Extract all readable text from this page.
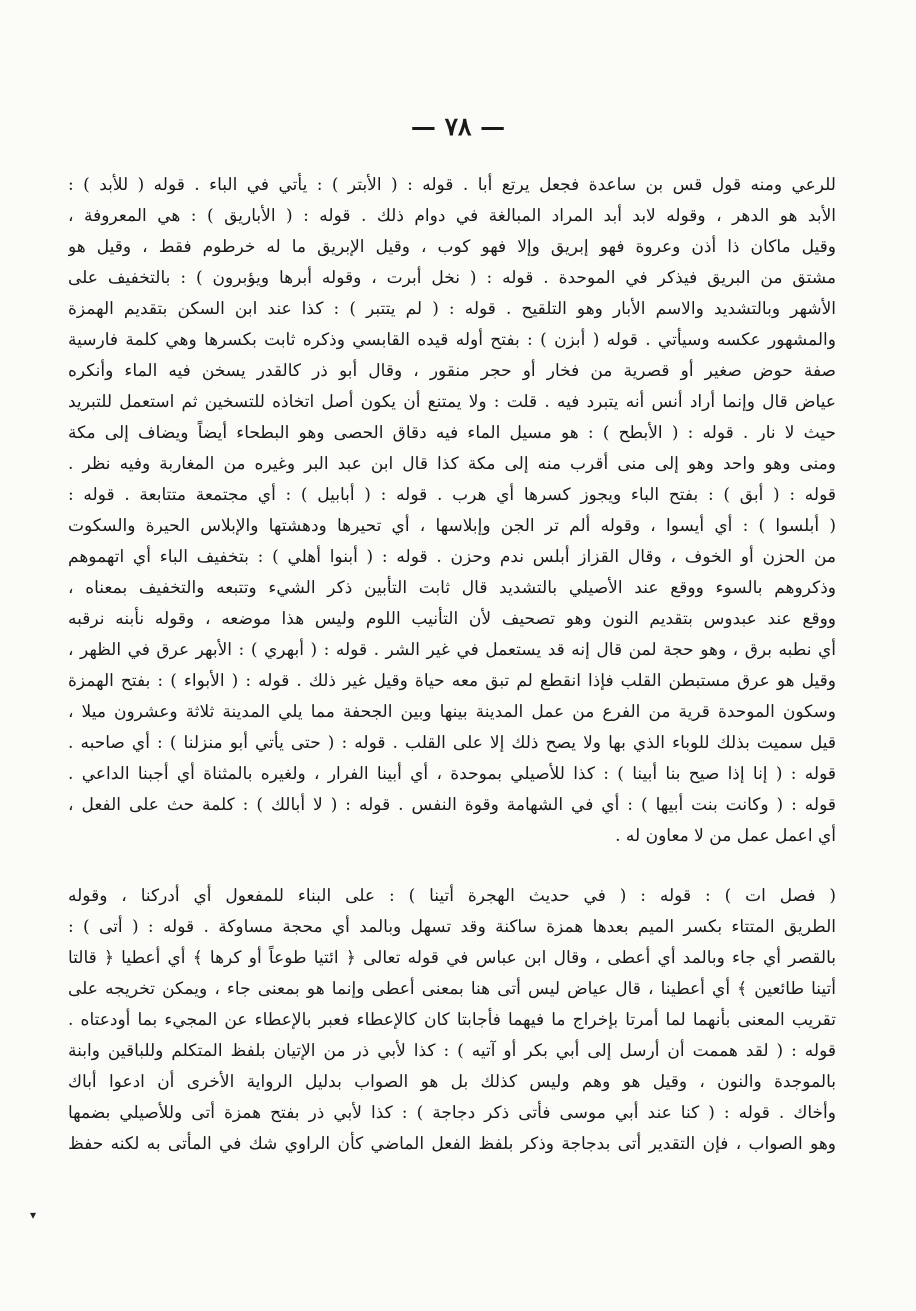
— ٧٨ —
للرعي ومنه قول قس بن ساعدة فجعل يرتع أبا . قوله : ( الأبتر ) : يأتي في الباء . قوله ( للأبد ) :
الأبد هو الدهر ، وقوله لابد أبد المراد المبالغة في دوام ذلك . قوله : ( الأباريق ) : هي المعروفة ،
وقيل ماكان ذا أذن وعروة فهو إبريق وإلا فهو كوب ، وقيل الإبريق ما له خرطوم فقط ، وقيل هو
مشتق من البريق فيذكر في الموحدة . قوله : ( نخل أبرت ، وقوله أبرها ويؤبرون ) : بالتخفيف على
الأشهر وبالتشديد والاسم الأبار وهو التلقيح . قوله : ( لم يتتبر ) : كذا عند ابن السكن بتقديم الهمزة
والمشهور عكسه وسيأتي . قوله ( أبزن ) : بفتح أوله قيده القابسي وذكره ثابت بكسرها وهي كلمة فارسية
صفة حوض صغير أو قصرية من فخار أو حجر منقور ، وقال أبو ذر كالقدر يسخن فيه الماء وأنكره
عياض قال وإنما أراد أنس أنه يتبرد فيه . قلت : ولا يمتنع أن يكون أصل اتخاذه للتسخين ثم استعمل للتبريد
حيث لا نار . قوله : ( الأبطح ) : هو مسيل الماء فيه دقاق الحصى وهو البطحاء أيضاً ويضاف إلى مكة
ومنى وهو واحد وهو إلى منى أقرب منه إلى مكة كذا قال ابن عبد البر وغيره من المغاربة وفيه نظر .
قوله : ( أبق ) : بفتح الباء ويجوز كسرها أي هرب . قوله : ( أبابيل ) : أي مجتمعة متتابعة . قوله :
( أبلسوا ) : أي أيسوا ، وقوله ألم تر الجن وإبلاسها ، أي تحيرها ودهشتها والإبلاس الحيرة والسكوت
من الحزن أو الخوف ، وقال القزاز أبلس ندم وحزن . قوله : ( أبنوا أهلي ) : بتخفيف الباء أي اتهموهم
وذكروهم بالسوء ووقع عند الأصيلي بالتشديد قال ثابت التأبين ذكر الشيء وتتبعه والتخفيف بمعناه ،
ووقع عند عبدوس بتقديم النون وهو تصحيف لأن التأنيب اللوم وليس هذا موضعه ، وقوله نأبنه نرقبه
أي نطبه برق ، وهو حجة لمن قال إنه قد يستعمل في غير الشر . قوله : ( أبهري ) : الأبهر عرق في الظهر ،
وقيل هو عرق مستبطن القلب فإذا انقطع لم تبق معه حياة وقيل غير ذلك . قوله : ( الأبواء ) : بفتح الهمزة
وسكون الموحدة قرية من الفرع من عمل المدينة بينها وبين الجحفة مما يلي المدينة ثلاثة وعشرون ميلا ،
قيل سميت بذلك للوباء الذي بها ولا يصح ذلك إلا على القلب . قوله : ( حتى يأتي أبو منزلنا ) : أي صاحبه .
قوله : ( إنا إذا صيح بنا أبينا ) : كذا للأصيلي بموحدة ، أي أبينا الفرار ، ولغيره بالمثناة أي أجبنا الداعي .
قوله : ( وكانت بنت أبيها ) : أي في الشهامة وقوة النفس . قوله : ( لا أبالك ) : كلمة حث على الفعل ،
أي اعمل عمل من لا معاون له .
( فصل ات ) : قوله : ( في حديث الهجرة أتينا ) : على البناء للمفعول أي أدركنا ، وقوله
الطريق المتتاء بكسر الميم بعدها همزة ساكنة وقد تسهل وبالمد أي محجة مساوكة . قوله : ( أتى ) :
بالقصر أي جاء وبالمد أي أعطى ، وقال ابن عباس في قوله تعالى ﴿ ائتيا طوعاً أو كرها ﴾ أي أعطيا ﴿ قالتا
أتينا طائعين ﴾ أي أعطينا ، قال عياض ليس أتى هنا بمعنى أعطى وإنما هو بمعنى جاء ، ويمكن تخريجه على
تقريب المعنى بأنهما لما أمرتا بإخراج ما فيهما فأجابتا كان كالإعطاء فعبر بالإعطاء عن المجيء بما أودعتاه .
قوله : ( لقد هممت أن أرسل إلى أبي بكر أو آتيه ) : كذا لأبي ذر من الإتيان بلفظ المتكلم وللباقين وابنة
بالموجدة والنون ، وقيل هو وهم وليس كذلك بل هو الصواب بدليل الرواية الأخرى أن ادعوا أباك
وأخاك . قوله : ( كنا عند أبي موسى فأتى ذكر دجاجة ) : كذا لأبي ذر بفتح همزة أتى وللأصيلي بضمها
وهو الصواب ، فإن التقدير أتى بدجاجة وذكر بلفظ الفعل الماضي كأن الراوي شك في المأتى به لكنه حفظ
▾
